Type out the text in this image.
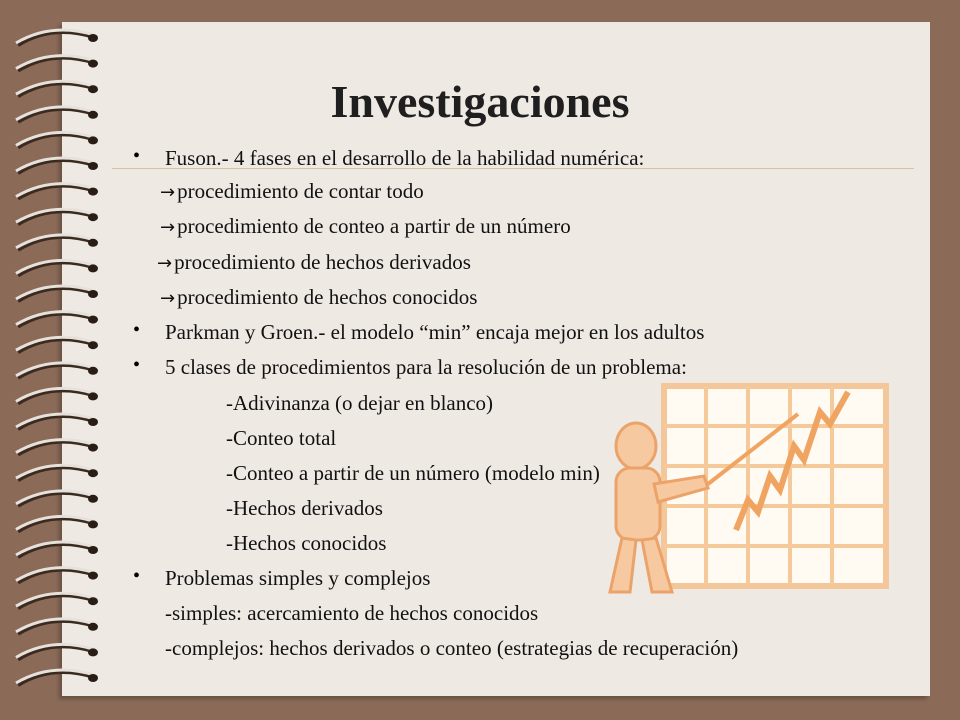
Investigaciones
•
•
•
•
Fuson.- 4 fases en el desarrollo de la habilidad numérica:
→procedimiento de contar todo
→procedimiento de conteo a partir de un número
→procedimiento de hechos derivados
→procedimiento de hechos conocidos
Parkman y Groen.- el modelo “min” encaja mejor en los adultos
5 clases de procedimientos para la resolución de un problema:
-Adivinanza (o dejar en blanco)
-Conteo total
-Conteo a partir de un número (modelo min)
-Hechos derivados
-Hechos conocidos
Problemas simples y complejos
-simples: acercamiento de hechos conocidos
-complejos: hechos derivados o conteo (estrategias de recuperación)
